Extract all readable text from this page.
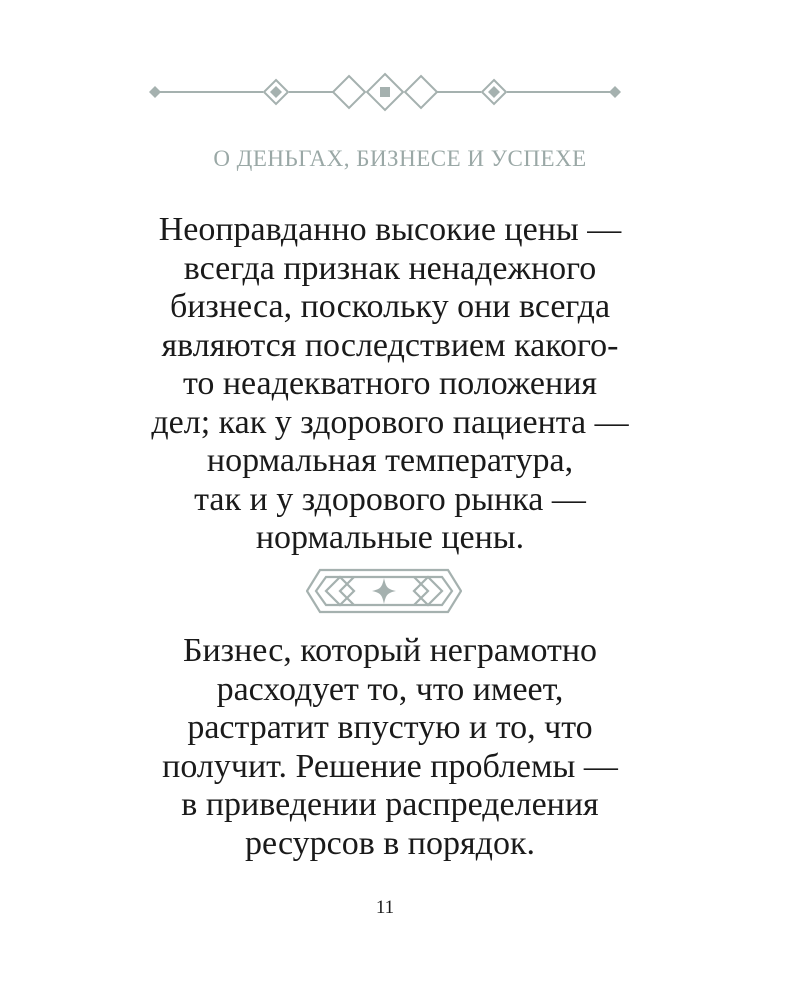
О ДЕНЬГАХ, БИЗНЕСЕ И УСПЕХЕ
Неоправданно высокие цены —
всегда признак ненадежного
бизнеса, поскольку они всегда
являются последствием какого-
то неадекватного положения
дел; как у здорового пациента —
нормальная температура,
так и у здорового рынка —
нормальные цены.
Бизнес, который неграмотно
расходует то, что имеет,
растратит впустую и то, что
получит. Решение проблемы —
в приведении распределения
ресурсов в порядок.
11
